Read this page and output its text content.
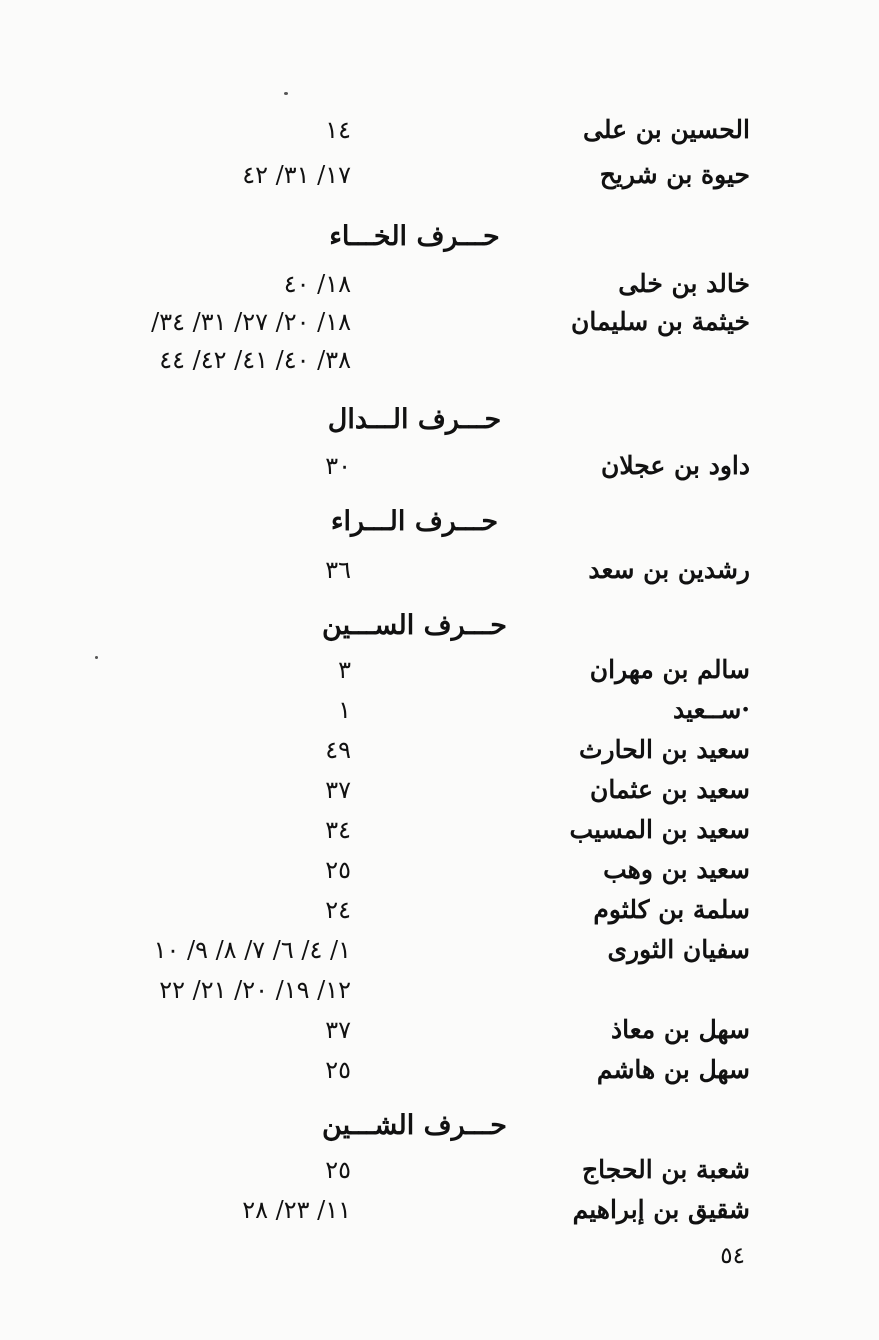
الحسين بن على
١٤
حيوة بن شريح
١٧/ ٣١/ ٤٢
حـــرف الخـــاء
خالد بن خلى
١٨/ ٤٠
خيثمة بن سليمان
١٨/ ٢٠/ ٢٧/ ٣١/ ٣٤/
٣٨/ ٤٠/ ٤١/ ٤٢/ ٤٤
حـــرف الـــدال
داود بن عجلان
٣٠
حـــرف الـــراء
رشدين بن سعد
٣٦
حـــرف الســـين
سالم بن مهران
٣
·ســعيد
١
سعيد بن الحارث
٤٩
سعيد بن عثمان
٣٧
سعيد بن المسيب
٣٤
سعيد بن وهب
٢٥
سلمة بن كلثوم
٢٤
سفيان الثورى
١/ ٤/ ٦/ ٧/ ٨/ ٩/ ١٠
١٢/ ١٩/ ٢٠/ ٢١/ ٢٢
سهل بن معاذ
٣٧
سهل بن هاشم
٢٥
حـــرف الشـــين
شعبة بن الحجاج
٢٥
شقيق بن إبراهيم
١١/ ٢٣/ ٢٨
٥٤
